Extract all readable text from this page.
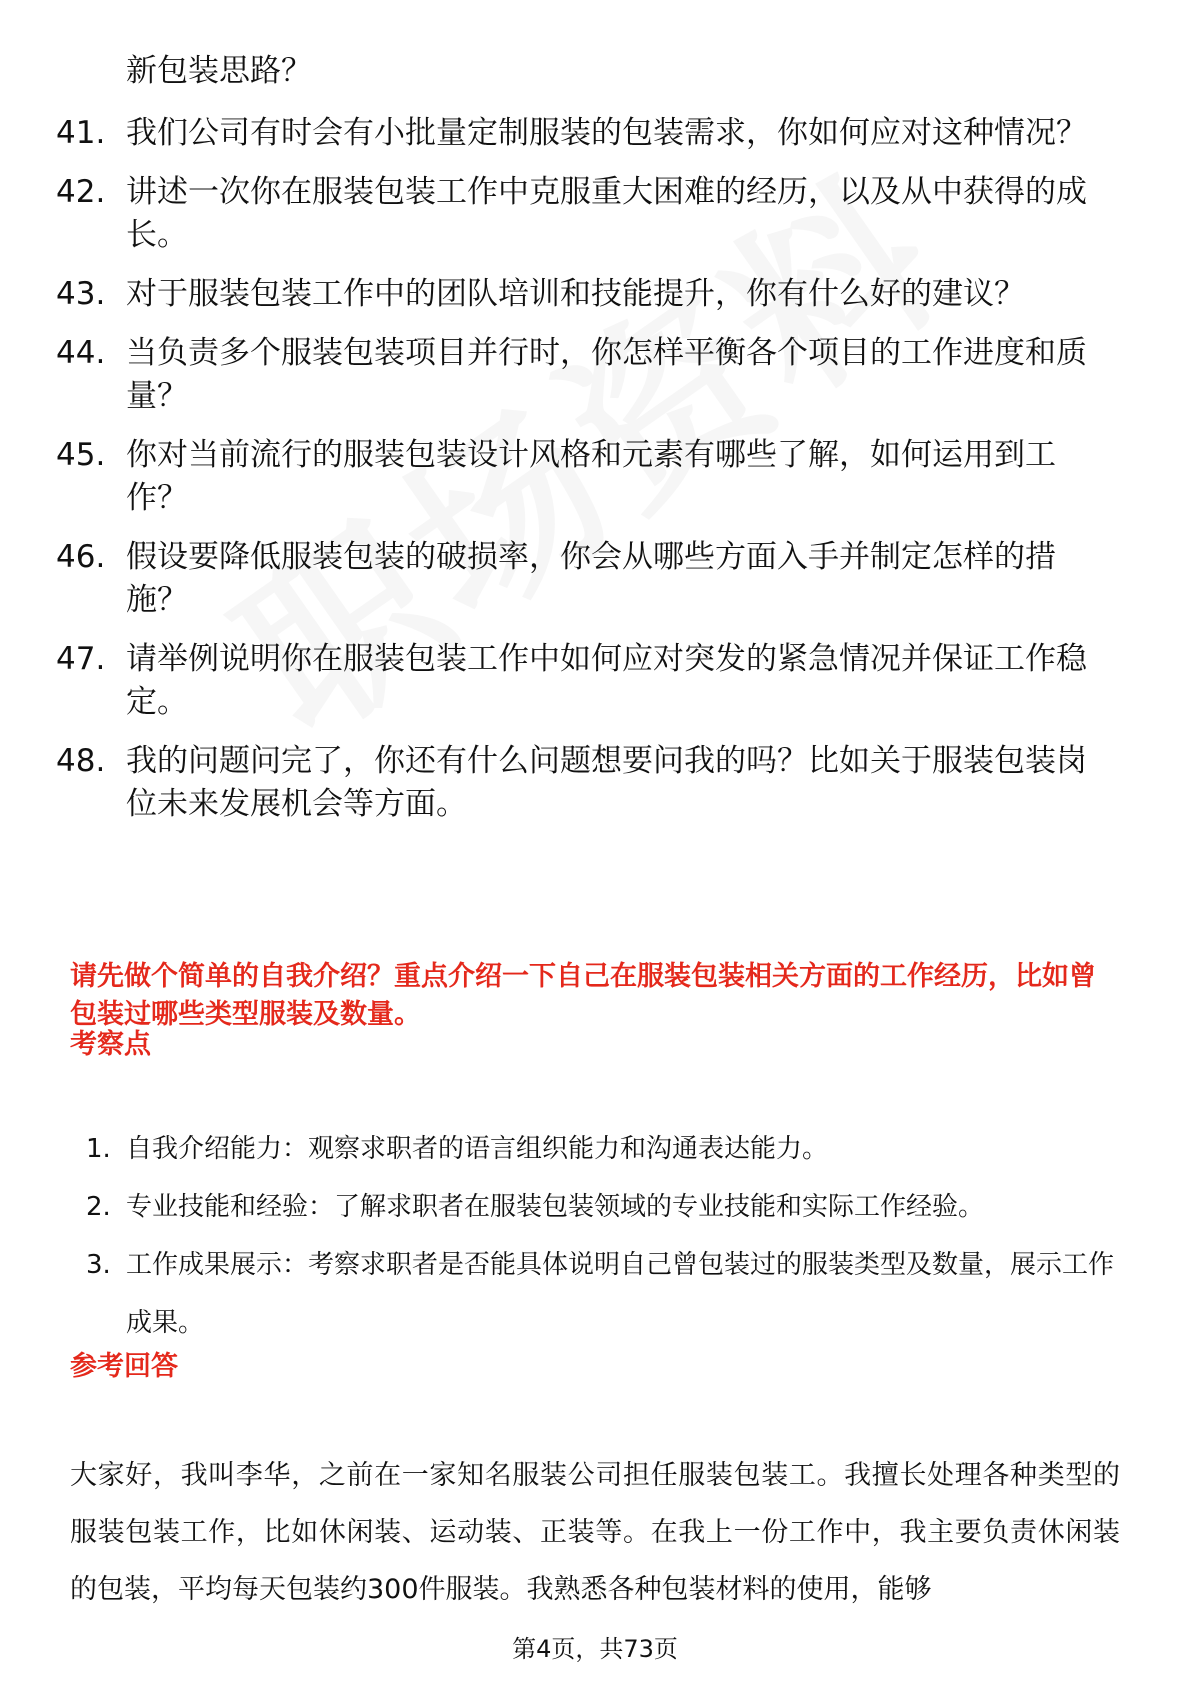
新包装思路？
41. 我们公司有时会有小批量定制服装的包装需求，你如何应对这种情况？
42. 讲述一次你在服装包装工作中克服重大困难的经历，以及从中获得的成长。
43. 对于服装包装工作中的团队培训和技能提升，你有什么好的建议？
44. 当负责多个服装包装项目并行时，你怎样平衡各个项目的工作进度和质量？
45. 你对当前流行的服装包装设计风格和元素有哪些了解，如何运用到工作？
46. 假设要降低服装包装的破损率，你会从哪些方面入手并制定怎样的措施？
47. 请举例说明你在服装包装工作中如何应对突发的紧急情况并保证工作稳定。
48. 我的问题问完了，你还有什么问题想要问我的吗？比如关于服装包装岗位未来发展机会等方面。
请先做个简单的自我介绍？重点介绍一下自己在服装包装相关方面的工作经历，比如曾包装过哪些类型服装及数量。
考察点
1. 自我介绍能力：观察求职者的语言组织能力和沟通表达能力。
2. 专业技能和经验：了解求职者在服装包装领域的专业技能和实际工作经验。
3. 工作成果展示：考察求职者是否能具体说明自己曾包装过的服装类型及数量，展示工作成果。
参考回答
大家好，我叫李华，之前在一家知名服装公司担任服装包装工。我擅长处理各种类型的服装包装工作，比如休闲装、运动装、正装等。在我上一份工作中，我主要负责休闲装的包装，平均每天包装约300件服装。我熟悉各种包装材料的使用，能够
第4页，共73页
